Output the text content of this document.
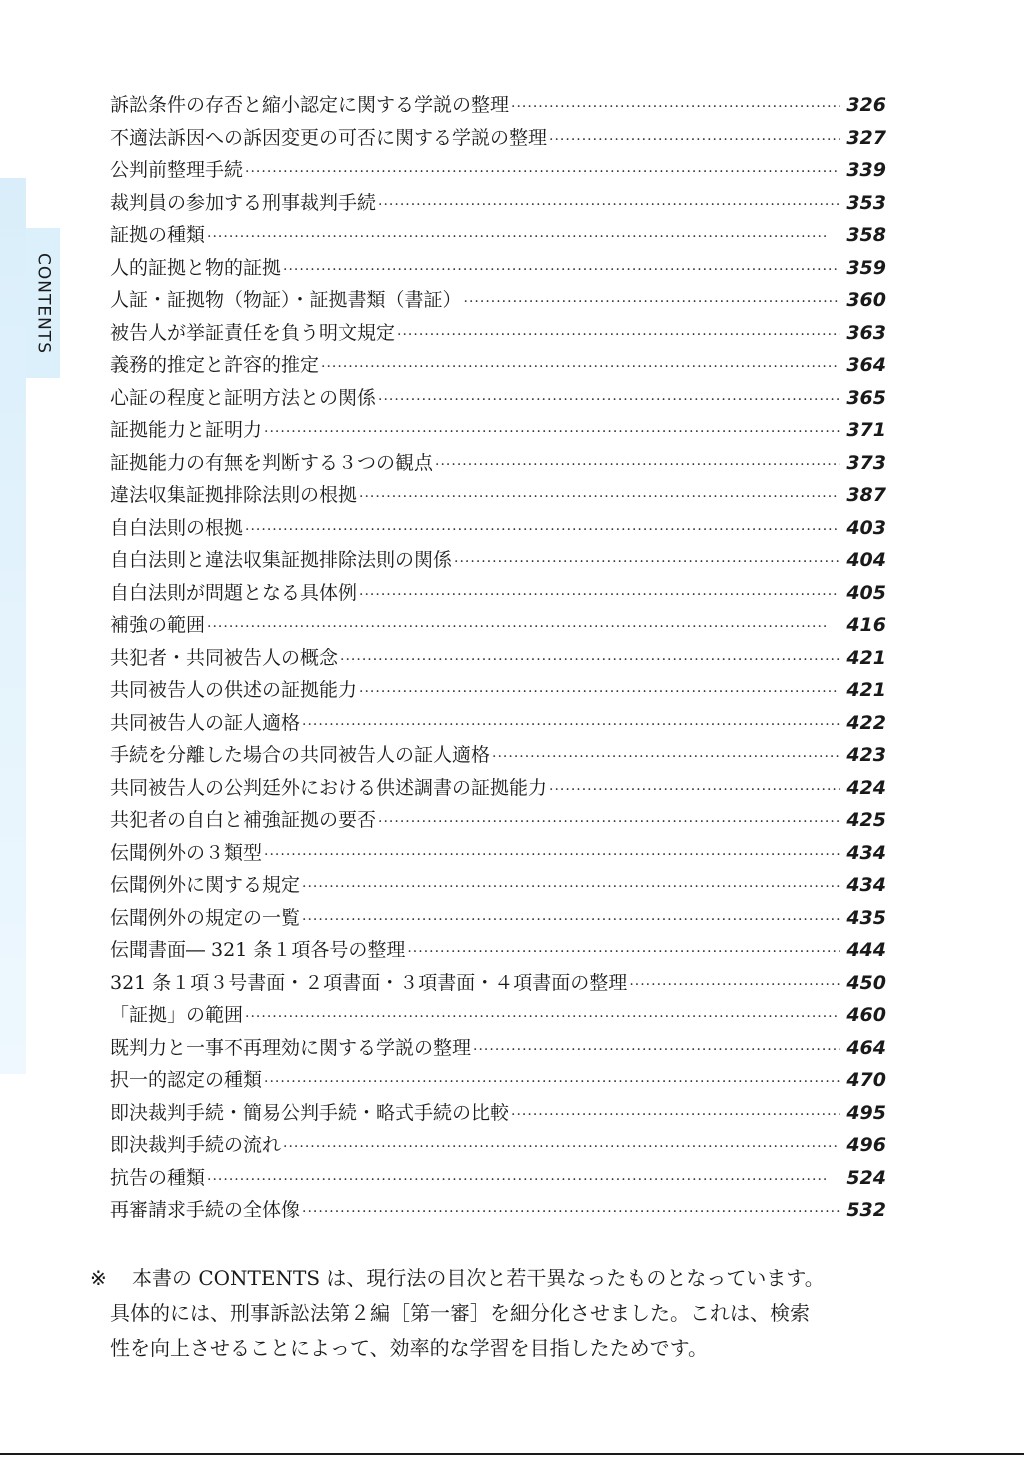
CONTENTS
訴訟条件の存否と縮小認定に関する学説の整理 ·····	326
不適法訴因への訴因変更の可否に関する学説の整理 ·····	327
公判前整理手続 ·····	339
裁判員の参加する刑事裁判手続 ·····	353
証拠の種類 ·····	358
人的証拠と物的証拠 ·····	359
人証・証拠物（物証）・証拠書類（書証） ·····	360
被告人が挙証責任を負う明文規定 ·····	363
義務的推定と許容的推定 ·····	364
心証の程度と証明方法との関係 ·····	365
証拠能力と証明力 ·····	371
証拠能力の有無を判断する３つの観点 ·····	373
違法収集証拠排除法則の根拠 ·····	387
自白法則の根拠 ·····	403
自白法則と違法収集証拠排除法則の関係 ·····	404
自白法則が問題となる具体例 ·····	405
補強の範囲 ·····	416
共犯者・共同被告人の概念 ·····	421
共同被告人の供述の証拠能力 ·····	421
共同被告人の証人適格 ·····	422
手続を分離した場合の共同被告人の証人適格 ·····	423
共同被告人の公判廷外における供述調書の証拠能力 ·····	424
共犯者の自白と補強証拠の要否 ·····	425
伝聞例外の３類型 ·····	434
伝聞例外に関する規定 ·····	434
伝聞例外の規定の一覧 ·····	435
伝聞書面― 321 条１項各号の整理 ·····	444
321 条１項３号書面・２項書面・３項書面・４項書面の整理 ·····	450
「証拠」の範囲 ·····	460
既判力と一事不再理効に関する学説の整理 ·····	464
択一的認定の種類 ·····	470
即決裁判手続・簡易公判手続・略式手続の比較 ·····	495
即決裁判手続の流れ ·····	496
抗告の種類 ·····	524
再審請求手続の全体像 ·····	532
※ 本書の CONTENTS は、現行法の目次と若干異なったものとなっています。
具体的には、刑事訴訟法第２編［第一審］を細分化させました。これは、検索
性を向上させることによって、効率的な学習を目指したためです。
